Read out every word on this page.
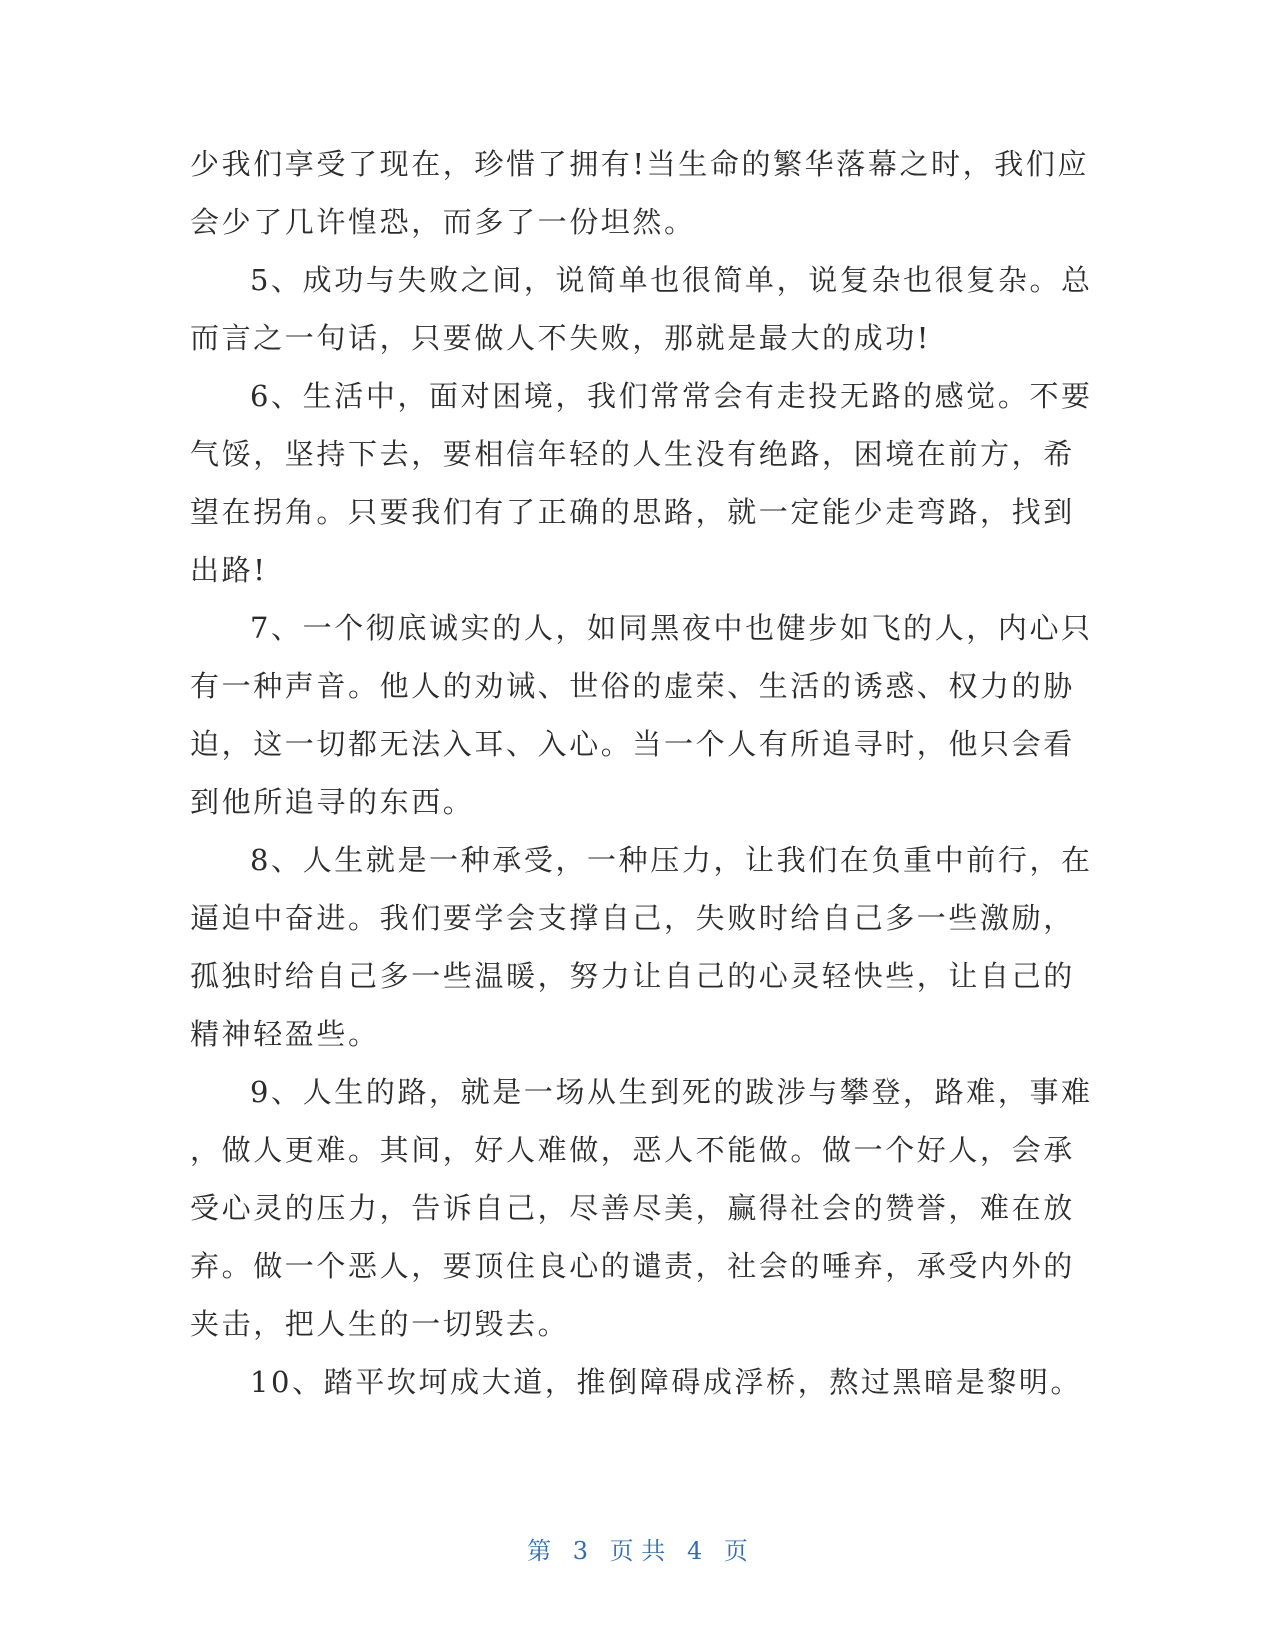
少我们享受了现在，珍惜了拥有!当生命的繁华落幕之时，我们应
会少了几许惶恐，而多了一份坦然。
5、成功与失败之间，说简单也很简单，说复杂也很复杂。总
而言之一句话，只要做人不失败，那就是最大的成功!
6、生活中，面对困境，我们常常会有走投无路的感觉。不要
气馁，坚持下去，要相信年轻的人生没有绝路，困境在前方，希
望在拐角。只要我们有了正确的思路，就一定能少走弯路，找到
出路!
7、一个彻底诚实的人，如同黑夜中也健步如飞的人，内心只
有一种声音。他人的劝诫、世俗的虚荣、生活的诱惑、权力的胁
迫，这一切都无法入耳、入心。当一个人有所追寻时，他只会看
到他所追寻的东西。
8、人生就是一种承受，一种压力，让我们在负重中前行，在
逼迫中奋进。我们要学会支撑自己，失败时给自己多一些激励，
孤独时给自己多一些温暖，努力让自己的心灵轻快些，让自己的
精神轻盈些。
9、人生的路，就是一场从生到死的跋涉与攀登，路难，事难
，做人更难。其间，好人难做，恶人不能做。做一个好人，会承
受心灵的压力，告诉自己，尽善尽美，赢得社会的赞誉，难在放
弃。做一个恶人，要顶住良心的谴责，社会的唾弃，承受内外的
夹击，把人生的一切毁去。
10、踏平坎坷成大道，推倒障碍成浮桥，熬过黑暗是黎明。
第 3 页 共 4 页
